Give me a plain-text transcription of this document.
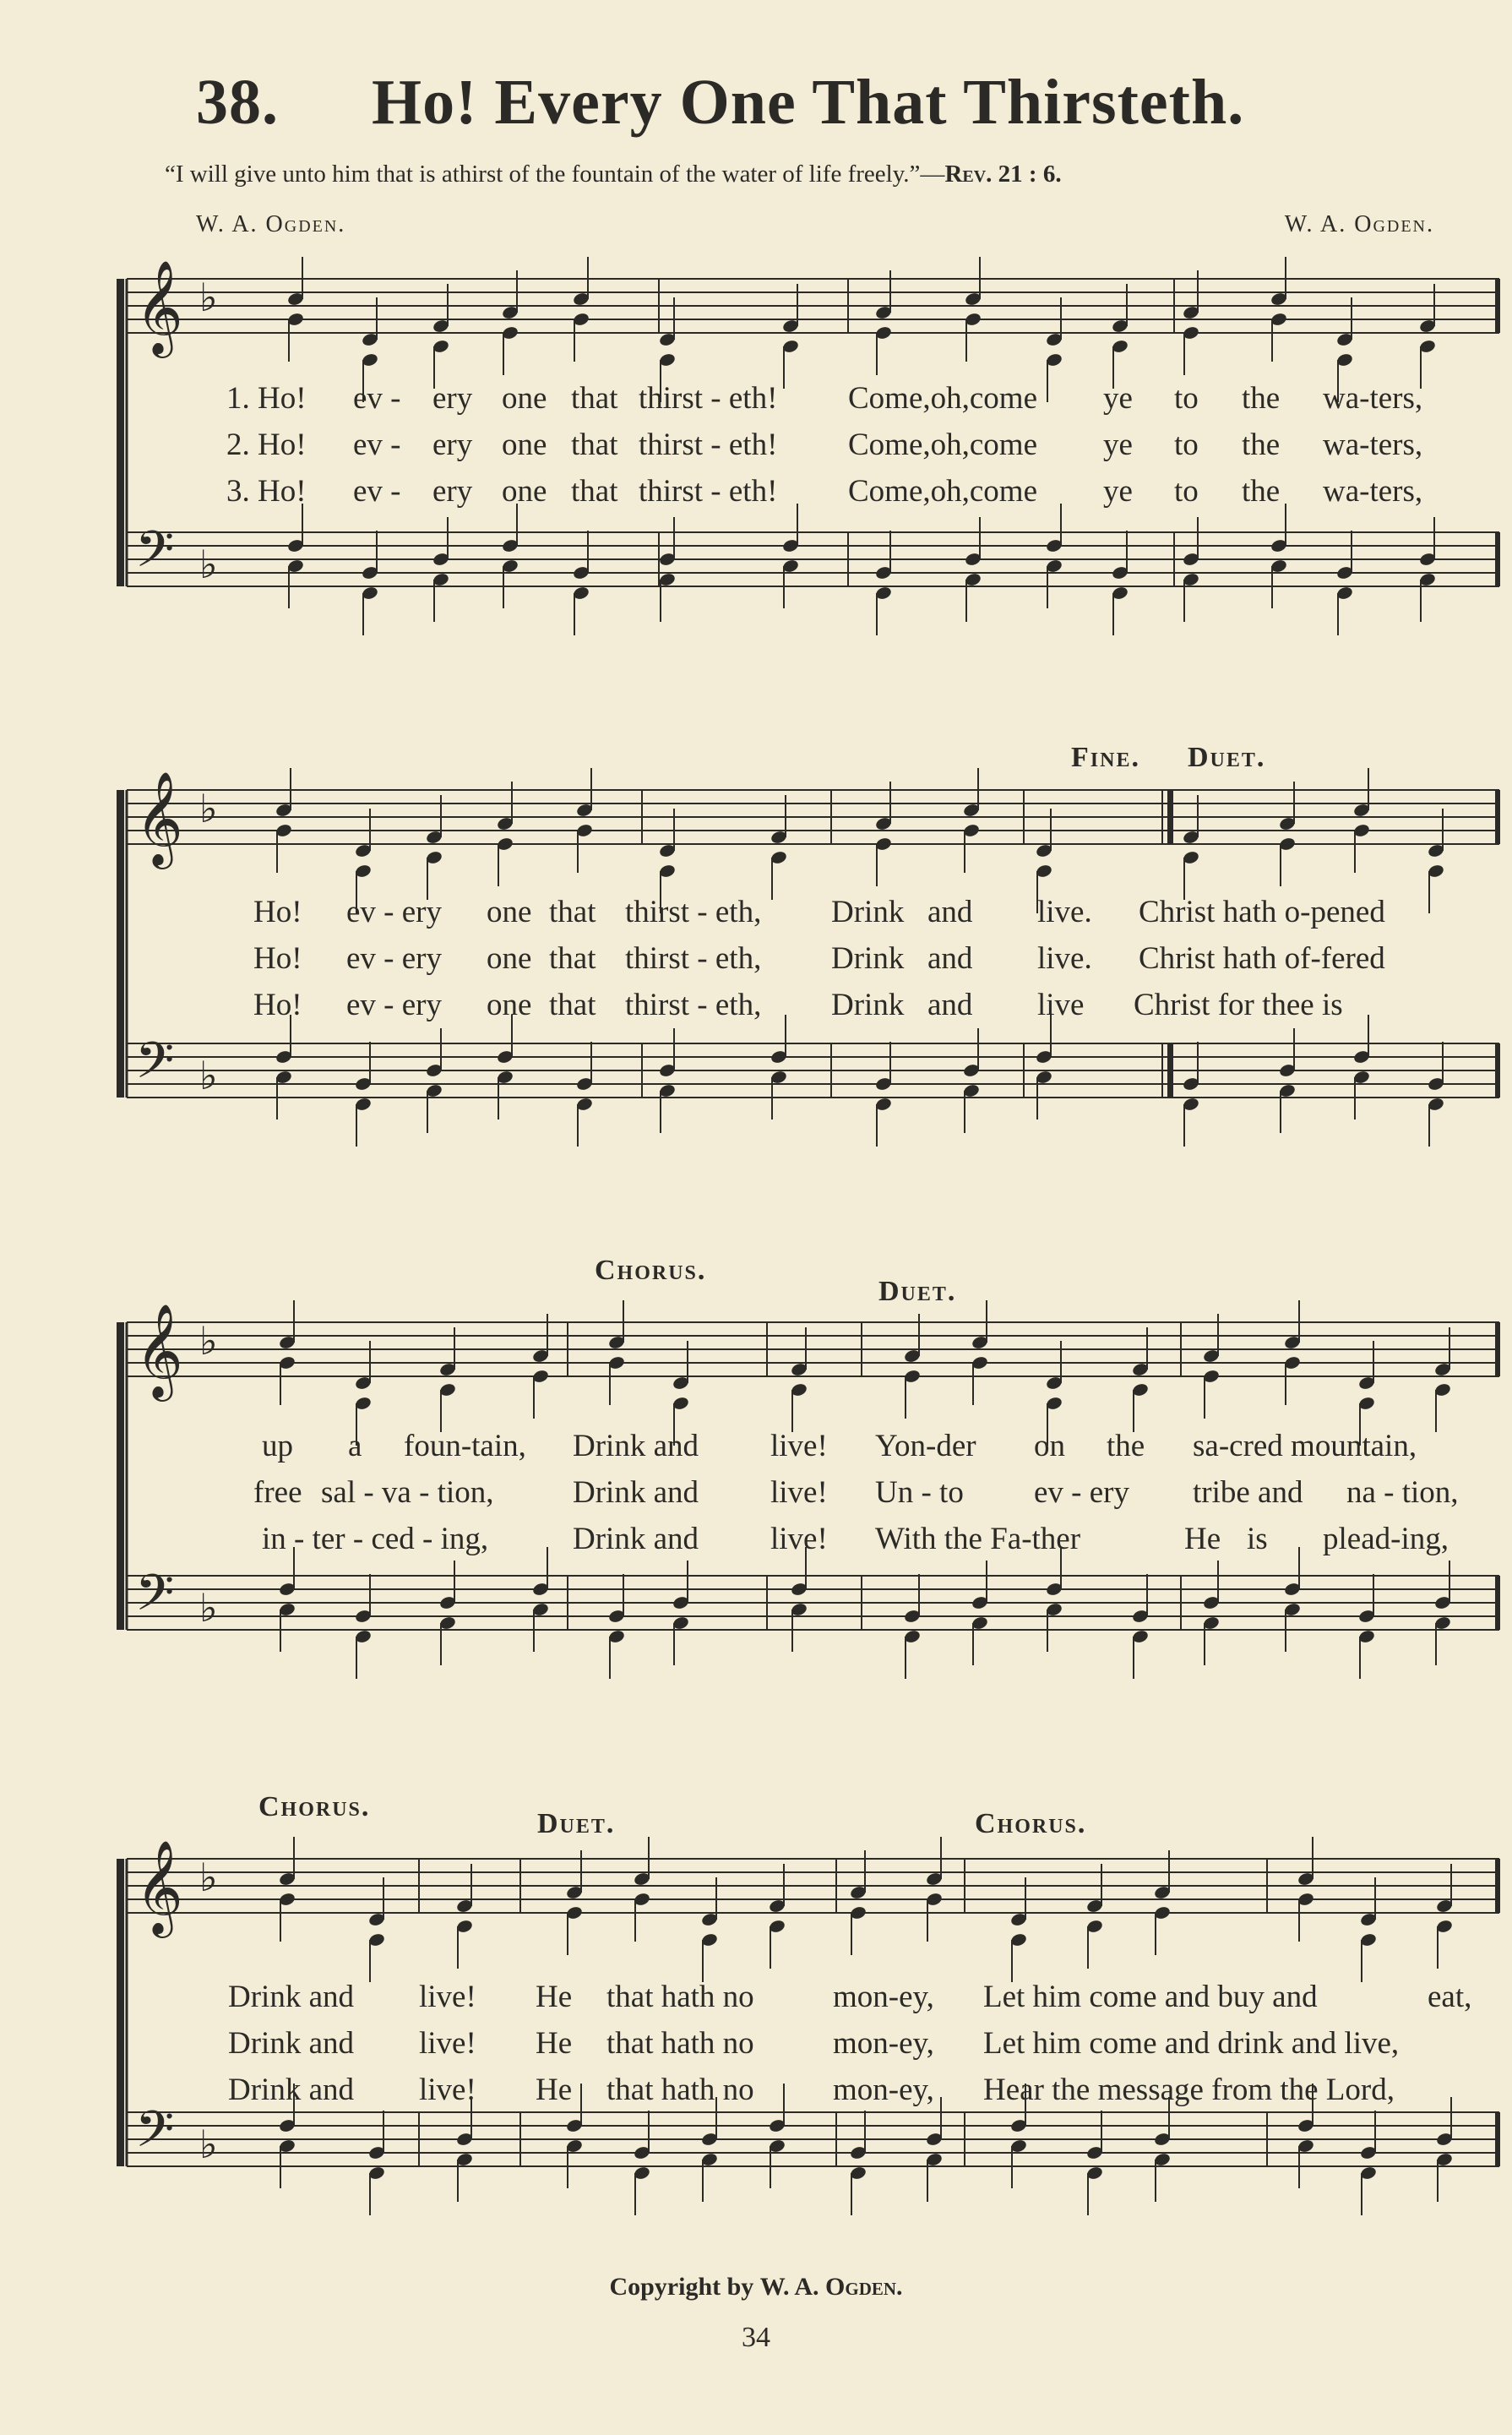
38. Ho! Every One That Thirsteth.
“I will give unto him that is athirst of the fountain of the water of life freely.”—Rev. 21 : 6.
W. A. Ogden.	W. A. Ogden.
𝄞
𝄢
♭
♭
1. Ho! ev - ery one that thirst - eth! Come,oh,come ye to the wa-ters,
2. Ho! ev - ery one that thirst - eth! Come,oh,come ye to the wa-ters,
3. Ho! ev - ery one that thirst - eth! Come,oh,come ye to the wa-ters,
Fine. Duet.
𝄞
𝄢
♭
♭
Ho! ev - ery one that thirst - eth, Drink and live. Christ hath o-pened
Ho! ev - ery one that thirst - eth, Drink and live. Christ hath of-fered
Ho! ev - ery one that thirst - eth, Drink and live Christ for thee is
Chorus.
Duet.
𝄞
𝄢
♭
♭
up a foun-tain, Drink and live! Yon-der on the sa-cred mountain,
free sal - va - tion,	Drink and live! Un - to ev - ery tribe and na - tion,
in - ter - ced - ing,	Drink and live! With the Fa-ther	He is plead-ing,
Chorus.
Duet.	Chorus.
𝄞
𝄢
♭
♭
Drink and live! He that hath no	mon-ey, Let him come and buy and	eat,
Drink and live! He that hath no	mon-ey, Let him come and drink and live,
Drink and live! He that hath no	mon-ey, Hear the message from the Lord,
Copyright by W. A. Ogden.
34
